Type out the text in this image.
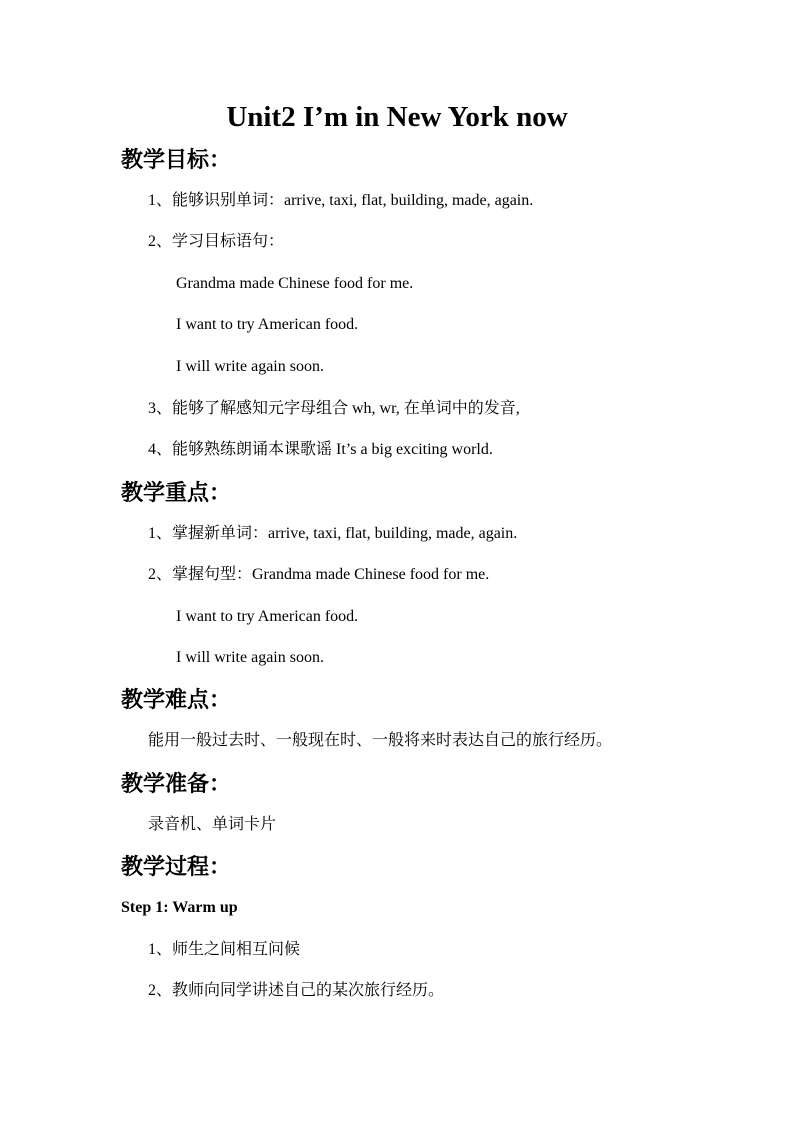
Unit2 I’m in New York now
教学目标：

1、能够识别单词：arrive, taxi, flat, building, made, again.

2、学习目标语句：

Grandma made Chinese food for me.

I want to try American food.

I will write again soon.

3、能够了解感知元字母组合 wh, wr, 在单词中的发音,

4、能够熟练朗诵本课歌谣 It’s a big exciting world.

教学重点：

1、掌握新单词：arrive, taxi, flat, building, made, again.

2、掌握句型：Grandma made Chinese food for me.

I want to try American food.

I will write again soon.

教学难点：

能用一般过去时、一般现在时、一般将来时表达自己的旅行经历。

教学准备：

录音机、单词卡片

教学过程：

Step 1: Warm up

1、师生之间相互问候

2、教师向同学讲述自己的某次旅行经历。
